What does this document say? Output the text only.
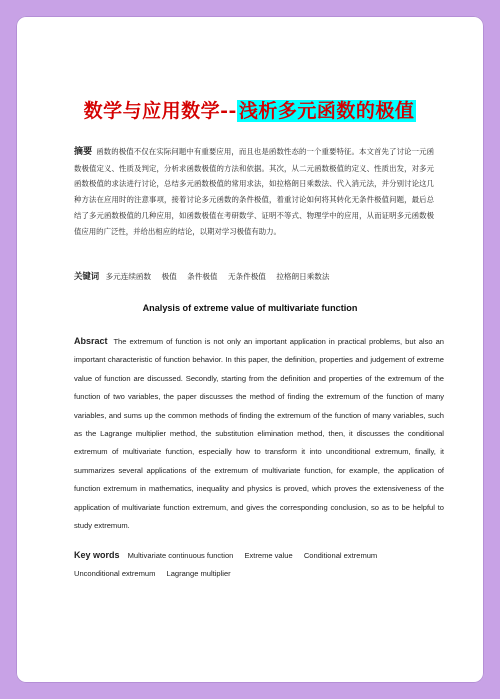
数学与应用数学-- 浅析多元函数的极值
摘要 函数的极值不仅在实际问题中有重要应用，而且也是函数性态的一个重要特征。本文首先了讨论一元函数极值定义、性质及判定，分析求函数极值的方法和依据。其次，从二元函数极值的定义、性质出发，对多元函数极值的求法进行讨论，总结多元函数极值的常用求法，如拉格朗日乘数法、代入消元法，并分别讨论这几种方法在应用时的注意事项，接着讨论多元函数的条件极值，着重讨论如何将其转化无条件极值问题，最后总结了多元函数极值的几种应用，如函数极值在考研数学、证明不等式、物理学中的应用，从而证明多元函数极值应用的广泛性，并给出相应的结论，以期对学习极值有助力。
关键词 多元连续函数 极值 条件极值 无条件极值 拉格朗日乘数法
Analysis of extreme value of multivariate function
Absract The extremum of function is not only an important application in practical problems, but also an important characteristic of function behavior. In this paper, the definition, properties and judgement of extreme value of function are discussed. Secondly, starting from the definition and properties of the extremum of the function of two variables, the paper discusses the method of finding the extremum of the function of many variables, and sums up the common methods of finding the extremum of the function of many variables, such as the Lagrange multiplier method, the substitution elimination method, then, it discusses the conditional extremum of multivariate function, especially how to transform it into unconditional extremum, finally, it summarizes several applications of the extremum of multivariate function, for example, the application of function extremum in mathematics, inequality and physics is proved, which proves the extensiveness of the application of multivariate function extremum, and gives the corresponding conclusion, so as to be helpful to study extremum.
Key words Multivariate continuous function Extreme value Conditional extremum
Unconditional extremum Lagrange multiplier
